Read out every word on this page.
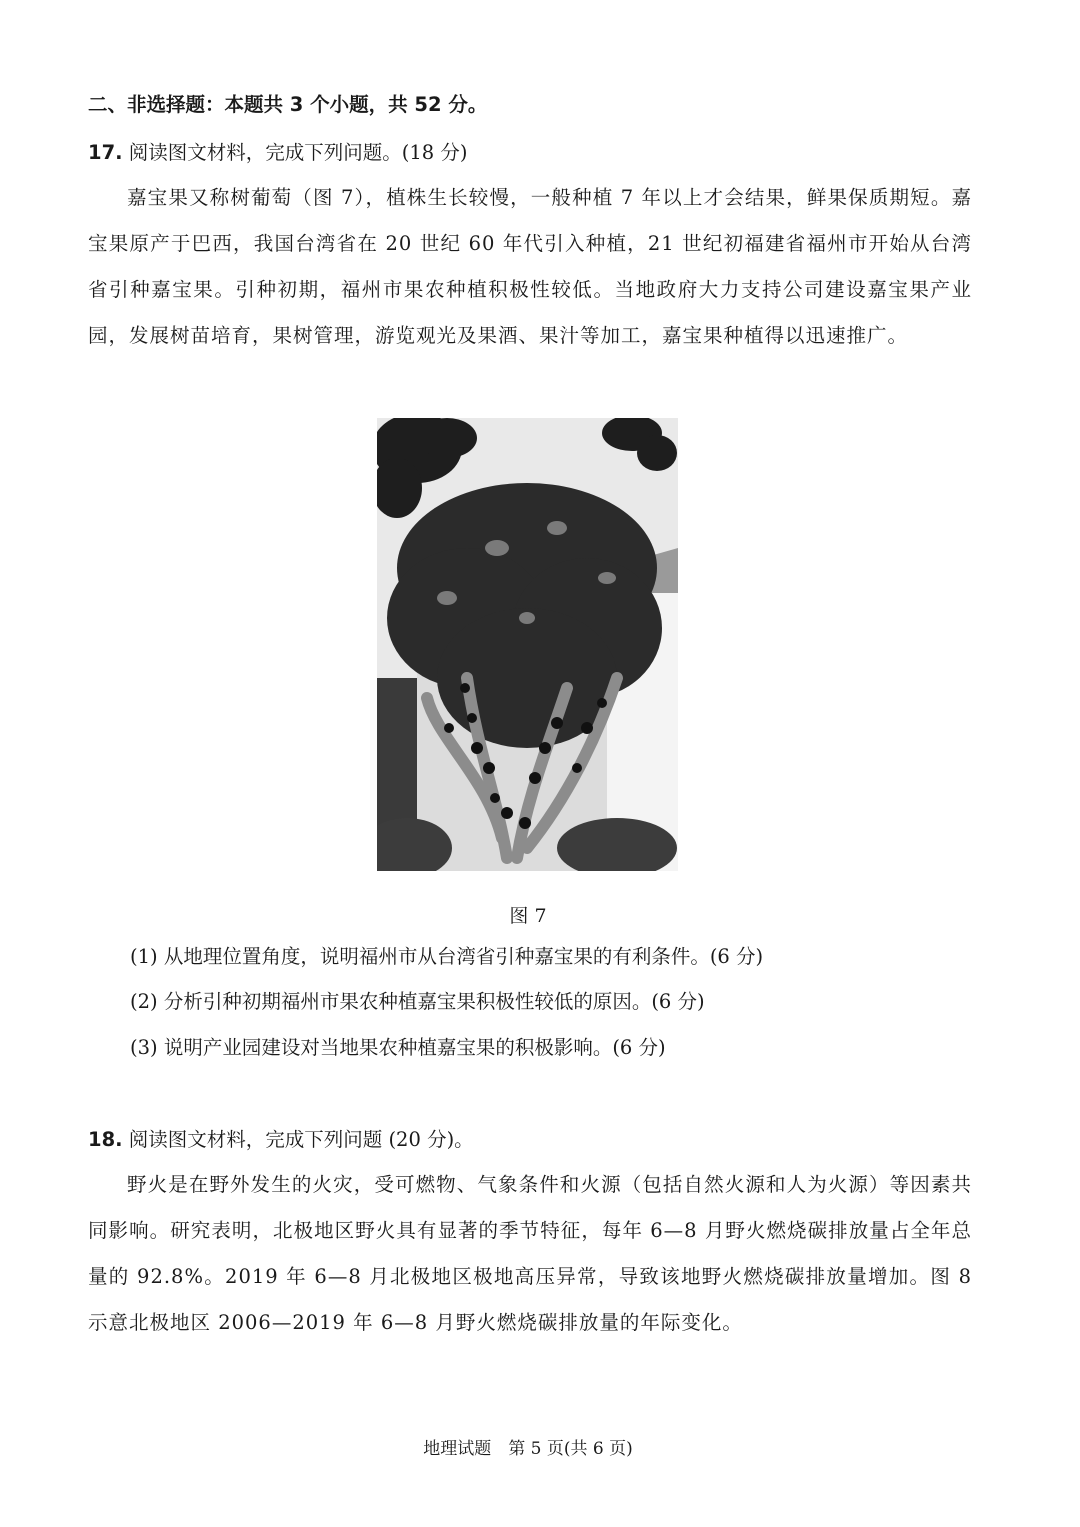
二、非选择题：本题共 3 个小题，共 52 分。
17. 阅读图文材料，完成下列问题。(18 分)
嘉宝果又称树葡萄（图 7），植株生长较慢，一般种植 7 年以上才会结果，鲜果保质期短。嘉宝果原产于巴西，我国台湾省在 20 世纪 60 年代引入种植，21 世纪初福建省福州市开始从台湾省引种嘉宝果。引种初期，福州市果农种植积极性较低。当地政府大力支持公司建设嘉宝果产业园，发展树苗培育，果树管理，游览观光及果酒、果汁等加工，嘉宝果种植得以迅速推广。
图 7
(1) 从地理位置角度，说明福州市从台湾省引种嘉宝果的有利条件。(6 分)
(2) 分析引种初期福州市果农种植嘉宝果积极性较低的原因。(6 分)
(3) 说明产业园建设对当地果农种植嘉宝果的积极影响。(6 分)
18. 阅读图文材料，完成下列问题 (20 分)。
野火是在野外发生的火灾，受可燃物、气象条件和火源（包括自然火源和人为火源）等因素共同影响。研究表明，北极地区野火具有显著的季节特征，每年 6—8 月野火燃烧碳排放量占全年总量的 92.8%。2019 年 6—8 月北极地区极地高压异常，导致该地野火燃烧碳排放量增加。图 8 示意北极地区 2006—2019 年 6—8 月野火燃烧碳排放量的年际变化。
地理试题　第 5 页(共 6 页)
